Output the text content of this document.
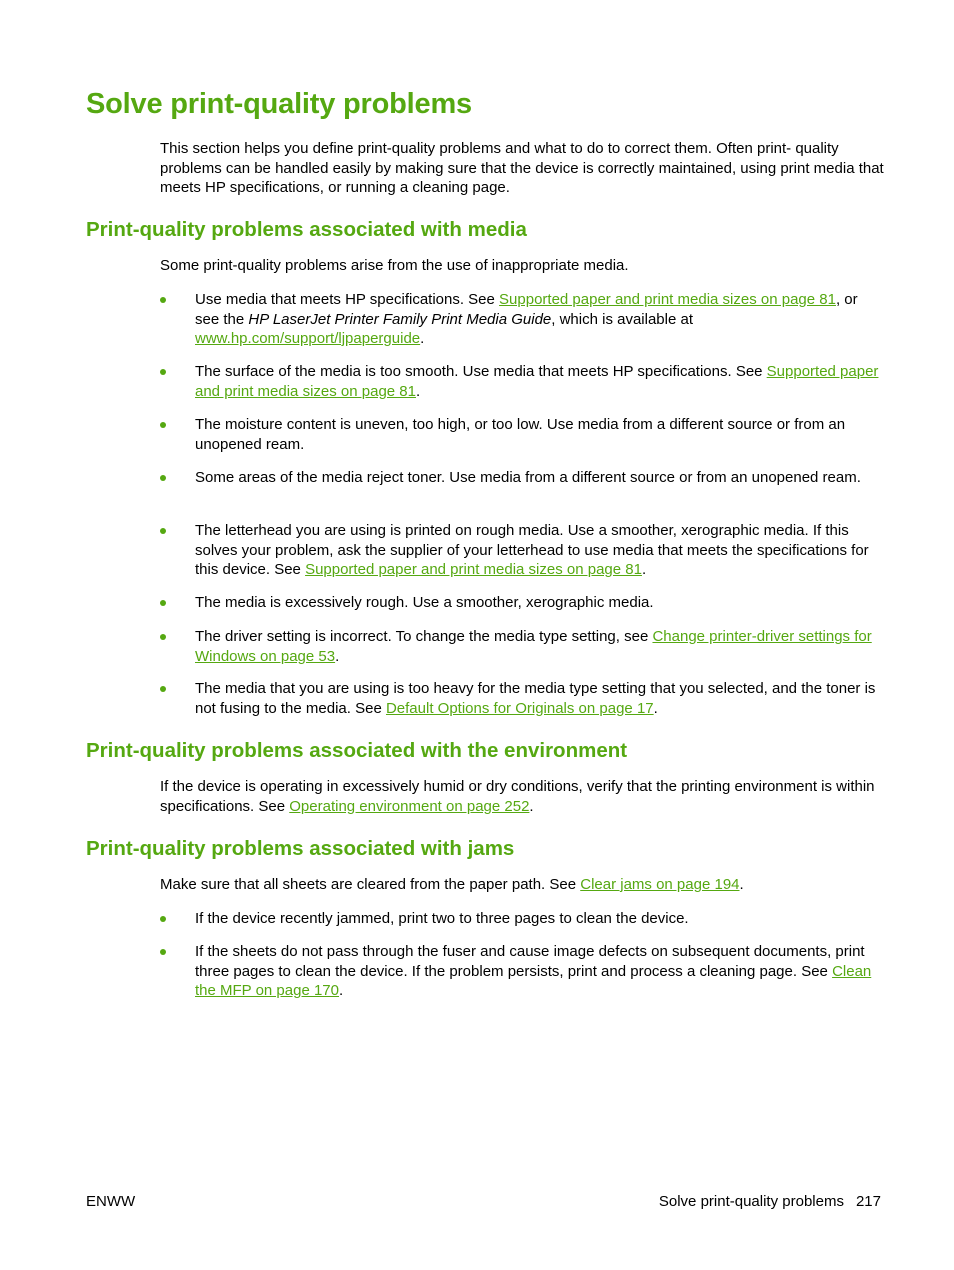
Solve print-quality problems

This section helps you define print-quality problems and what to do to correct them. Often print- quality problems can be handled easily by making sure that the device is correctly maintained, using print media that meets HP specifications, or running a cleaning page.

Print-quality problems associated with media

Some print-quality problems arise from the use of inappropriate media.

Use media that meets HP specifications. See Supported paper and print media sizes on page 81, or see the HP LaserJet Printer Family Print Media Guide, which is available at www.hp.com/support/ljpaperguide.
The surface of the media is too smooth. Use media that meets HP specifications. See Supported paper and print media sizes on page 81.
The moisture content is uneven, too high, or too low. Use media from a different source or from an unopened ream.
Some areas of the media reject toner. Use media from a different source or from an unopened ream.
The letterhead you are using is printed on rough media. Use a smoother, xerographic media. If this solves your problem, ask the supplier of your letterhead to use media that meets the specifications for this device. See Supported paper and print media sizes on page 81.
The media is excessively rough. Use a smoother, xerographic media.
The driver setting is incorrect. To change the media type setting, see Change printer-driver settings for Windows on page 53.
The media that you are using is too heavy for the media type setting that you selected, and the toner is not fusing to the media. See Default Options for Originals on page 17.
Print-quality problems associated with the environment

If the device is operating in excessively humid or dry conditions, verify that the printing environment is within specifications. See Operating environment on page 252.

Print-quality problems associated with jams

Make sure that all sheets are cleared from the paper path. See Clear jams on page 194.

If the device recently jammed, print two to three pages to clean the device.
If the sheets do not pass through the fuser and cause image defects on subsequent documents, print three pages to clean the device. If the problem persists, print and process a cleaning page. See Clean the MFP on page 170.
ENWW	Solve print-quality problems 217
